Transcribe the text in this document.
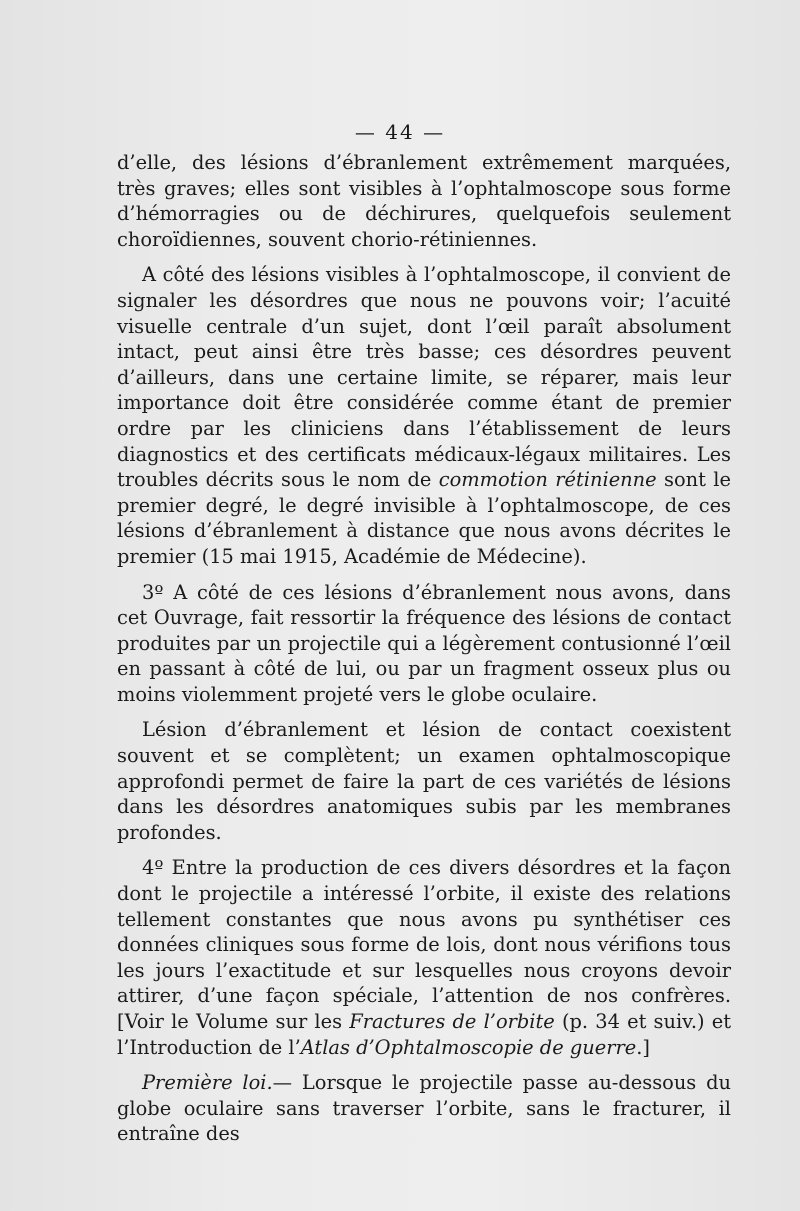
— 44 —

d’elle, des lésions d’ébranlement extrêmement marquées, très graves; elles sont visibles à l’ophtalmoscope sous forme d’hémorragies ou de déchirures, quelquefois seulement choroïdiennes, souvent chorio-rétiniennes.

A côté des lésions visibles à l’ophtalmoscope, il convient de signaler les désordres que nous ne pouvons voir; l’acuité visuelle centrale d’un sujet, dont l’œil paraît absolument intact, peut ainsi être très basse; ces désordres peuvent d’ailleurs, dans une certaine limite, se réparer, mais leur importance doit être considérée comme étant de premier ordre par les cliniciens dans l’établissement de leurs diagnostics et des certificats médicaux-légaux militaires. Les troubles décrits sous le nom de commotion rétinienne sont le premier degré, le degré invisible à l’ophtalmoscope, de ces lésions d’ébranlement à distance que nous avons décrites le premier (15 mai 1915, Académie de Médecine).

3º A côté de ces lésions d’ébranlement nous avons, dans cet Ouvrage, fait ressortir la fréquence des lésions de contact produites par un projectile qui a légèrement contusionné l’œil en passant à côté de lui, ou par un fragment osseux plus ou moins violemment projeté vers le globe oculaire.

Lésion d’ébranlement et lésion de contact coexistent souvent et se complètent; un examen ophtalmoscopique approfondi permet de faire la part de ces variétés de lésions dans les désordres anatomiques subis par les membranes profondes.

4º Entre la production de ces divers désordres et la façon dont le projectile a intéressé l’orbite, il existe des relations tellement constantes que nous avons pu synthétiser ces données cliniques sous forme de lois, dont nous vérifions tous les jours l’exactitude et sur lesquelles nous croyons devoir attirer, d’une façon spéciale, l’attention de nos confrères. [Voir le Volume sur les Fractures de l’orbite (p. 34 et suiv.) et l’Introduction de l’Atlas d’Ophtalmoscopie de guerre.]

Première loi.— Lorsque le projectile passe au-dessous du globe oculaire sans traverser l’orbite, sans le fracturer, il entraîne des
